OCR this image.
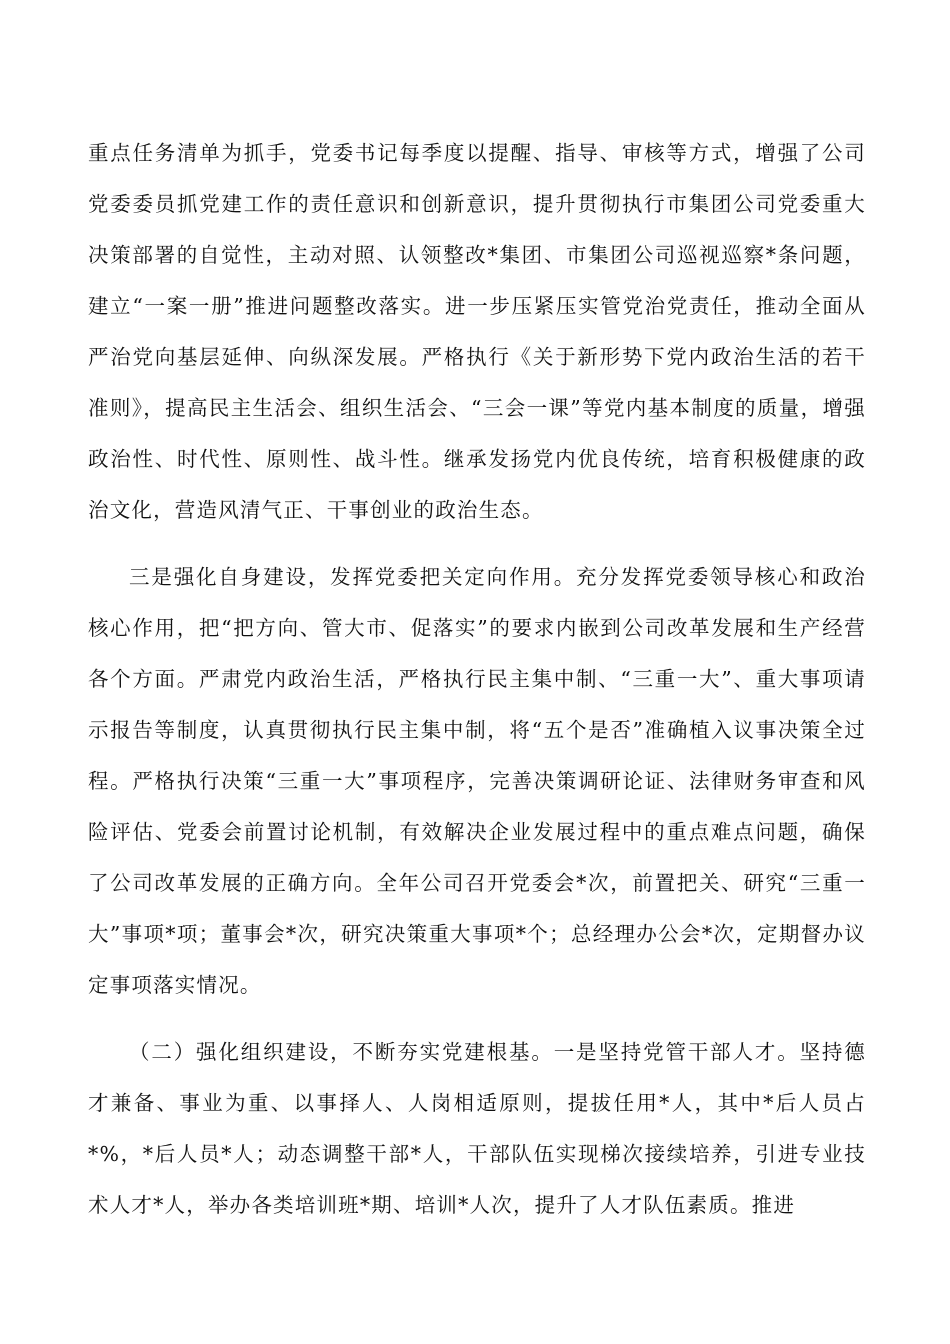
重点任务清单为抓手，党委书记每季度以提醒、指导、审核等方式，增强了公司党委委员抓党建工作的责任意识和创新意识，提升贯彻执行市集团公司党委重大决策部署的自觉性，主动对照、认领整改*集团、市集团公司巡视巡察*条问题，建立“一案一册”推进问题整改落实。进一步压紧压实管党治党责任，推动全面从严治党向基层延伸、向纵深发展。严格执行《关于新形势下党内政治生活的若干准则》，提高民主生活会、组织生活会、“三会一课”等党内基本制度的质量，增强政治性、时代性、原则性、战斗性。继承发扬党内优良传统，培育积极健康的政治文化，营造风清气正、干事创业的政治生态。

三是强化自身建设，发挥党委把关定向作用。充分发挥党委领导核心和政治核心作用，把“把方向、管大市、促落实”的要求内嵌到公司改革发展和生产经营各个方面。严肃党内政治生活，严格执行民主集中制、“三重一大”、重大事项请示报告等制度，认真贯彻执行民主集中制，将“五个是否”准确植入议事决策全过程。严格执行决策“三重一大”事项程序，完善决策调研论证、法律财务审查和风险评估、党委会前置讨论机制，有效解决企业发展过程中的重点难点问题，确保了公司改革发展的正确方向。全年公司召开党委会*次，前置把关、研究“三重一大”事项*项；董事会*次，研究决策重大事项*个；总经理办公会*次，定期督办议定事项落实情况。

（二）强化组织建设，不断夯实党建根基。一是坚持党管干部人才。坚持德才兼备、事业为重、以事择人、人岗相适原则，提拔任用*人，其中*后人员占*%，*后人员*人；动态调整干部*人，干部队伍实现梯次接续培养，引进专业技术人才*人，举办各类培训班*期、培训*人次，提升了人才队伍素质。推进
